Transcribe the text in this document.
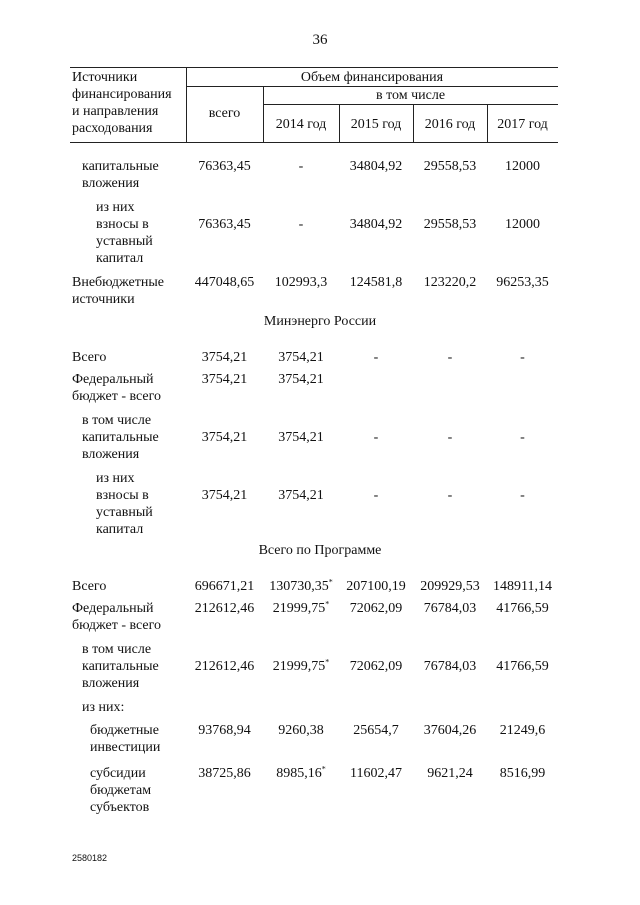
36
Источники
финансирования
и направления
расходования
Объем финансирования
всего
в том числе
2014 год	2015 год	2016 год	2017 год
капитальные
вложения
76363,45	-	34804,92	29558,53	12000
из них
взносы в
уставный
капитал
76363,45	-	34804,92	29558,53	12000
Внебюджетные
источники
447048,65	102993,3	124581,8	123220,2	96253,35
Минэнерго России
Всего	3754,21	3754,21	-	-	-
Федеральный
бюджет - всего
3754,21	3754,21
в том числе
капитальные
вложения
3754,21	3754,21	-	-	-
из них
взносы в
уставный
капитал
3754,21	3754,21	-	-	-
Всего по Программе
Всего	696671,21	130730,35* 207100,19	209929,53 148911,14
Федеральный
бюджет - всего
212612,46	21999,75*	72062,09	76784,03	41766,59
в том числе
капитальные
вложения
212612,46	21999,75*	72062,09	76784,03	41766,59
из них:
бюджетные
инвестиции
93768,94	9260,38	25654,7	37604,26	21249,6
субсидии
бюджетам
субъектов
38725,86	8985,16*	11602,47	9621,24	8516,99
2580182
